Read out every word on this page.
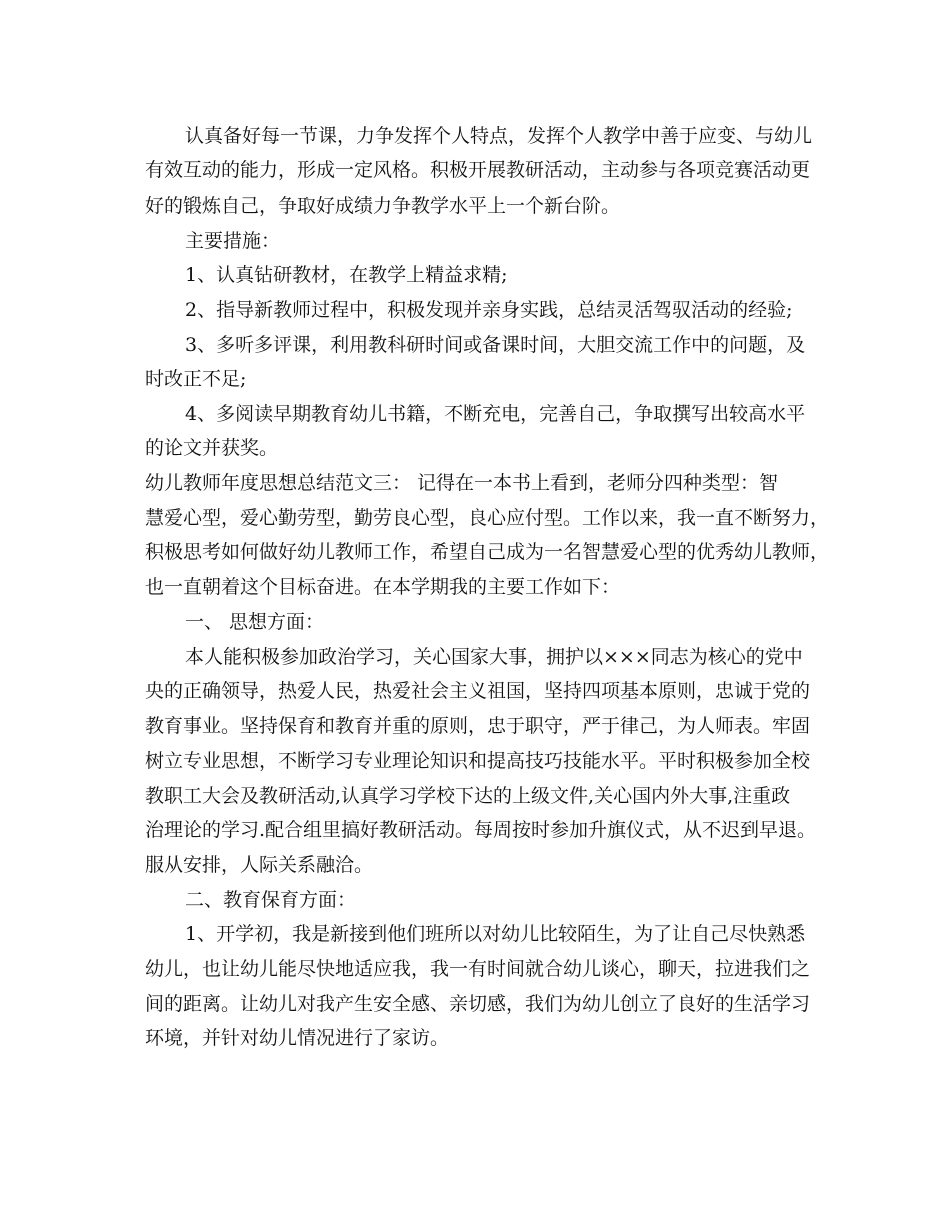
认真备好每一节课，力争发挥个人特点，发挥个人教学中善于应变、与幼儿
有效互动的能力，形成一定风格。积极开展教研活动，主动参与各项竞赛活动更
好的锻炼自己，争取好成绩力争教学水平上一个新台阶。
主要措施：
1、认真钻研教材，在教学上精益求精;
2、指导新教师过程中，积极发现并亲身实践，总结灵活驾驭活动的经验;
3、多听多评课，利用教科研时间或备课时间，大胆交流工作中的问题，及
时改正不足;
4、多阅读早期教育幼儿书籍，不断充电，完善自己，争取撰写出较高水平
的论文并获奖。
幼儿教师年度思想总结范文三： 记得在一本书上看到，老师分四种类型：智
慧爱心型，爱心勤劳型，勤劳良心型，良心应付型。工作以来，我一直不断努力，
积极思考如何做好幼儿教师工作，希望自己成为一名智慧爱心型的优秀幼儿教师，
也一直朝着这个目标奋进。在本学期我的主要工作如下：
一、 思想方面：
本人能积极参加政治学习，关心国家大事，拥护以×××同志为核心的党中
央的正确领导，热爱人民，热爱社会主义祖国，坚持四项基本原则，忠诚于党的
教育事业。坚持保育和教育并重的原则，忠于职守，严于律己，为人师表。牢固
树立专业思想，不断学习专业理论知识和提高技巧技能水平。平时积极参加全校
教职工大会及教研活动,认真学习学校下达的上级文件,关心国内外大事,注重政
治理论的学习.配合组里搞好教研活动。每周按时参加升旗仪式，从不迟到早退。
服从安排，人际关系融洽。
二、教育保育方面：
1、开学初，我是新接到他们班所以对幼儿比较陌生，为了让自己尽快熟悉
幼儿，也让幼儿能尽快地适应我，我一有时间就合幼儿谈心，聊天，拉进我们之
间的距离。让幼儿对我产生安全感、亲切感，我们为幼儿创立了良好的生活学习
环境，并针对幼儿情况进行了家访。
